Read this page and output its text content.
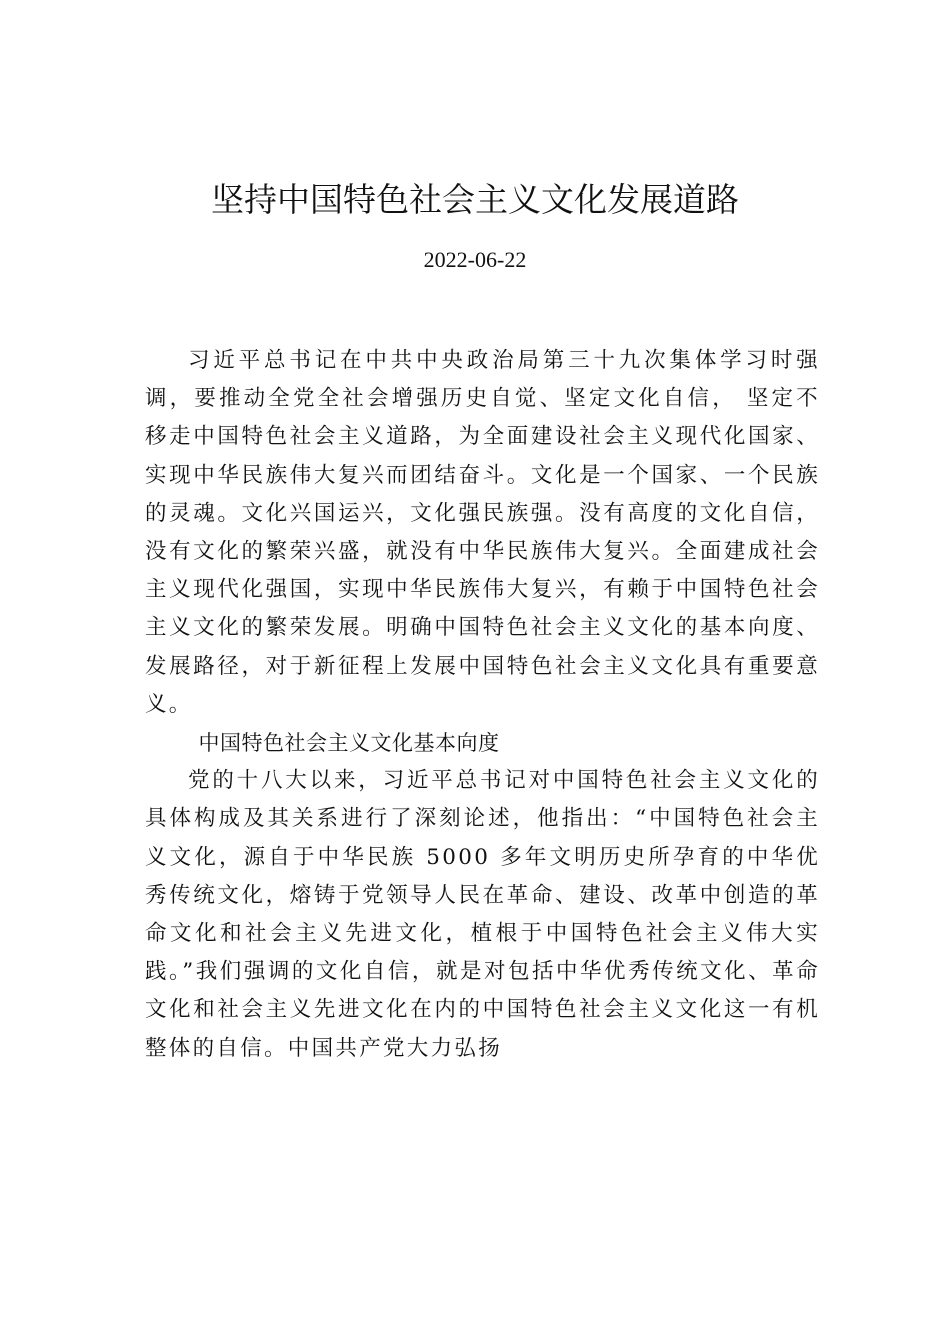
坚持中国特色社会主义文化发展道路
2022-06-22

习近平总书记在中共中央政治局第三十九次集体学习时强调，要推动全党全社会增强历史自觉、坚定文化自信， 坚定不移走中国特色社会主义道路，为全面建设社会主义现代化国家、实现中华民族伟大复兴而团结奋斗。文化是一个国家、一个民族的灵魂。文化兴国运兴，文化强民族强。没有高度的文化自信，没有文化的繁荣兴盛，就没有中华民族伟大复兴。全面建成社会主义现代化强国，实现中华民族伟大复兴，有赖于中国特色社会主义文化的繁荣发展。明确中国特色社会主义文化的基本向度、发展路径，对于新征程上发展中国特色社会主义文化具有重要意义。

中国特色社会主义文化基本向度

党的十八大以来，习近平总书记对中国特色社会主义文化的具体构成及其关系进行了深刻论述，他指出：“中国特色社会主义文化，源自于中华民族 5000 多年文明历史所孕育的中华优秀传统文化，熔铸于党领导人民在革命、建设、改革中创造的革命文化和社会主义先进文化，植根于中国特色社会主义伟大实践。”我们强调的文化自信，就是对包括中华优秀传统文化、革命文化和社会主义先进文化在内的中国特色社会主义文化这一有机整体的自信。中国共产党大力弘扬
